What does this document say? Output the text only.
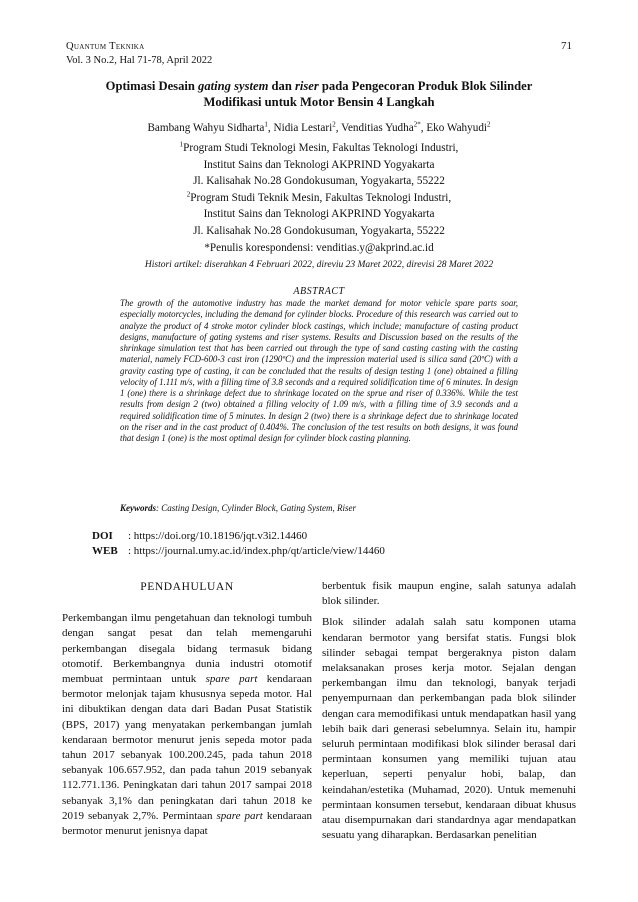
Quantum Teknika
Vol. 3 No.2, Hal 71-78, April 2022
71
Optimasi Desain gating system dan riser pada Pengecoran Produk Blok Silinder
Modifikasi untuk Motor Bensin 4 Langkah
Bambang Wahyu Sidharta$^1$, Nidia Lestari$^2$, Venditias Yudha$^{2*}$, Eko Wahyudi$^2$
$^1$Program Studi Teknologi Mesin, Fakultas Teknologi Industri,
Institut Sains dan Teknologi AKPRIND Yogyakarta
Jl. Kalisahak No.28 Gondokusuman, Yogyakarta, 55222
$^2$Program Studi Teknik Mesin, Fakultas Teknologi Industri,
Institut Sains dan Teknologi AKPRIND Yogyakarta
Jl. Kalisahak No.28 Gondokusuman, Yogyakarta, 55222
*Penulis korespondensi: venditias.y@akprind.ac.id
Histori artikel: diserahkan 4 Februari 2022, direviu 23 Maret 2022, direvisi 28 Maret 2022
ABSTRACT
The growth of the automotive industry has made the market demand for motor vehicle spare parts soar, especially motorcycles, including the demand for cylinder blocks. Procedure of this research was carried out to analyze the product of 4 stroke motor cylinder block castings, which include; manufacture of casting product designs, manufacture of gating systems and riser systems. Results and Discussion based on the results of the shrinkage simulation test that has been carried out through the type of sand casting casting with the casting material, namely FCD-600-3 cast iron (1290ºC) and the impression material used is silica sand (20ºC) with a gravity casting type of casting, it can be concluded that the results of design testing 1 (one) obtained a filling velocity of 1.111 m/s, with a filling time of 3.8 seconds and a required solidification time of 6 minutes. In design 1 (one) there is a shrinkage defect due to shrinkage located on the sprue and riser of 0.336%. While the test results from design 2 (two) obtained a filling velocity of 1.09 m/s, with a filling time of 3.9 seconds and a required solidification time of 5 minutes. In design 2 (two) there is a shrinkage defect due to shrinkage located on the riser and in the cast product of 0.404%. The conclusion of the test results on both designs, it was found that design 1 (one) is the most optimal design for cylinder block casting planning.
Keywords: Casting Design, Cylinder Block, Gating System, Riser
DOI : https://doi.org/10.18196/jqt.v3i2.14460
WEB : https://journal.umy.ac.id/index.php/qt/article/view/14460
PENDAHULUAN

Perkembangan ilmu pengetahuan dan teknologi tumbuh dengan sangat pesat dan telah memengaruhi perkembangan disegala bidang termasuk bidang otomotif. Berkembangnya dunia industri otomotif membuat permintaan untuk spare part kendaraan bermotor melonjak tajam khususnya sepeda motor. Hal ini dibuktikan dengan data dari Badan Pusat Statistik (BPS, 2017) yang menyatakan perkembangan jumlah kendaraan bermotor menurut jenis sepeda motor pada tahun 2017 sebanyak 100.200.245, pada tahun 2018 sebanyak 106.657.952, dan pada tahun 2019 sebanyak 112.771.136. Peningkatan dari tahun 2017 sampai 2018 sebanyak 3,1% dan peningkatan dari tahun 2018 ke 2019 sebanyak 2,7%. Permintaan spare part kendaraan bermotor menurut jenisnya dapat

berbentuk fisik maupun engine, salah satunya adalah blok silinder.

Blok silinder adalah salah satu komponen utama kendaran bermotor yang bersifat statis. Fungsi blok silinder sebagai tempat bergeraknya piston dalam melaksanakan proses kerja motor. Sejalan dengan perkembangan ilmu dan teknologi, banyak terjadi penyempurnaan dan perkembangan pada blok silinder dengan cara memodifikasi untuk mendapatkan hasil yang lebih baik dari generasi sebelumnya. Selain itu, hampir seluruh permintaan modifikasi blok silinder berasal dari permintaan konsumen yang memiliki tujuan atau keperluan, seperti penyalur hobi, balap, dan keindahan/estetika (Muhamad, 2020). Untuk memenuhi permintaan konsumen tersebut, kendaraan dibuat khusus atau disempurnakan dari standardnya agar mendapatkan sesuatu yang diharapkan. Berdasarkan penelitian
